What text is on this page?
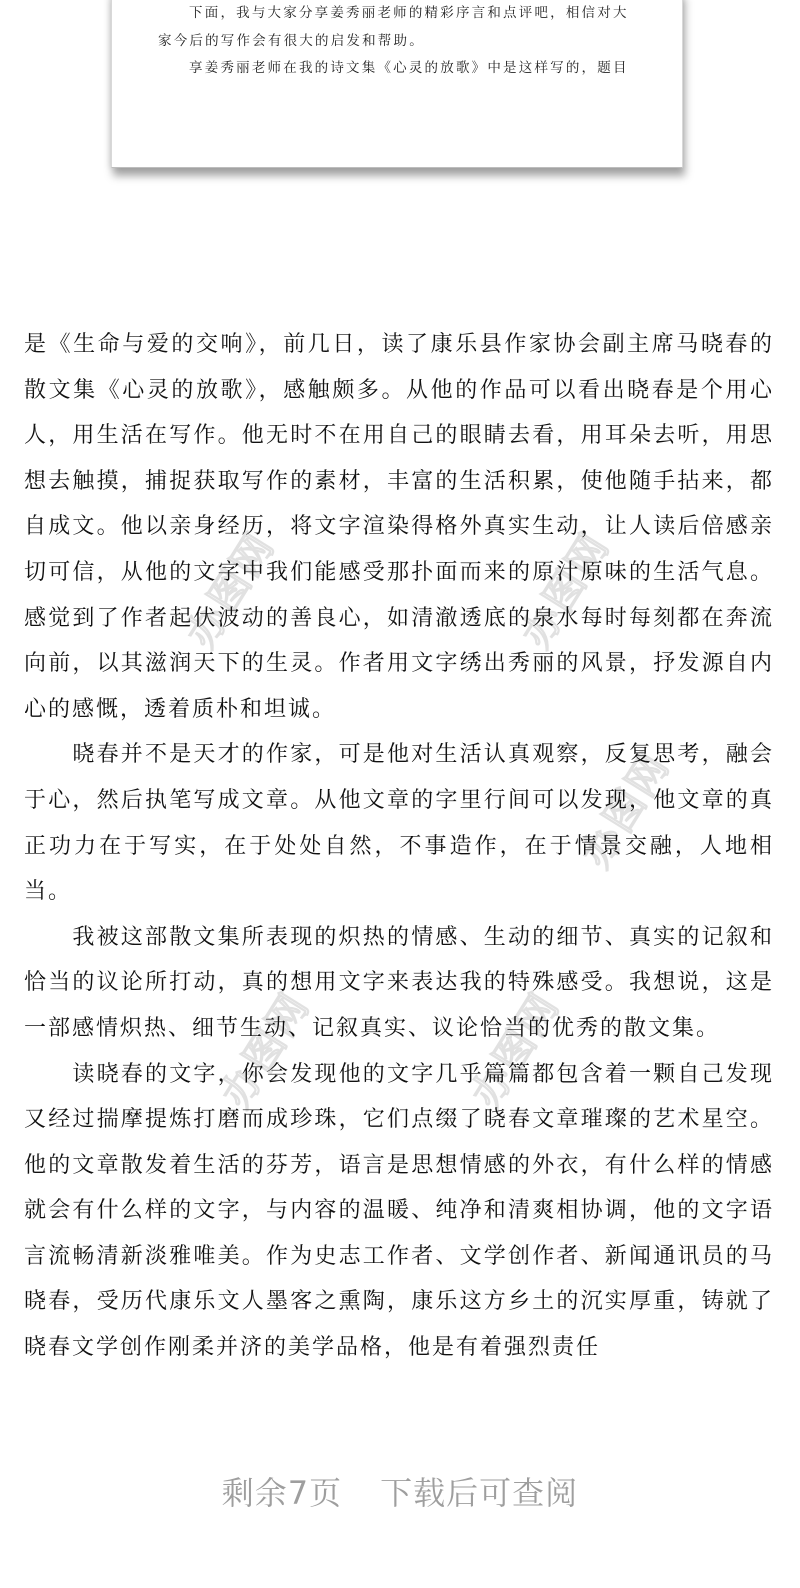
下面，我与大家分享姜秀丽老师的精彩序言和点评吧，相信对大家今后的写作会有很大的启发和帮助。

享姜秀丽老师在我的诗文集《心灵的放歌》中是这样写的，题目

办图网	办图网
办图网
办图网	办图网

是《生命与爱的交响》，前几日，读了康乐县作家协会副主席马晓春的散文集《心灵的放歌》，感触颇多。从他的作品可以看出晓春是个用心人，用生活在写作。他无时不在用自己的眼睛去看，用耳朵去听，用思想去触摸，捕捉获取写作的素材，丰富的生活积累，使他随手拈来，都自成文。他以亲身经历，将文字渲染得格外真实生动，让人读后倍感亲切可信，从他的文字中我们能感受那扑面而来的原汁原味的生活气息。感觉到了作者起伏波动的善良心，如清澈透底的泉水每时每刻都在奔流向前，以其滋润天下的生灵。作者用文字绣出秀丽的风景，抒发源自内心的感慨，透着质朴和坦诚。

晓春并不是天才的作家，可是他对生活认真观察，反复思考，融会于心，然后执笔写成文章。从他文章的字里行间可以发现，他文章的真正功力在于写实，在于处处自然，不事造作，在于情景交融，人地相当。

我被这部散文集所表现的炽热的情感、生动的细节、真实的记叙和恰当的议论所打动，真的想用文字来表达我的特殊感受。我想说，这是一部感情炽热、细节生动、记叙真实、议论恰当的优秀的散文集。

读晓春的文字，你会发现他的文字几乎篇篇都包含着一颗自己发现又经过揣摩提炼打磨而成珍珠，它们点缀了晓春文章璀璨的艺术星空。他的文章散发着生活的芬芳，语言是思想情感的外衣，有什么样的情感就会有什么样的文字，与内容的温暖、纯净和清爽相协调，他的文字语言流畅清新淡雅唯美。作为史志工作者、文学创作者、新闻通讯员的马晓春，受历代康乐文人墨客之熏陶，康乐这方乡土的沉实厚重，铸就了晓春文学创作刚柔并济的美学品格，他是有着强烈责任

剩余7页 下载后可查阅
